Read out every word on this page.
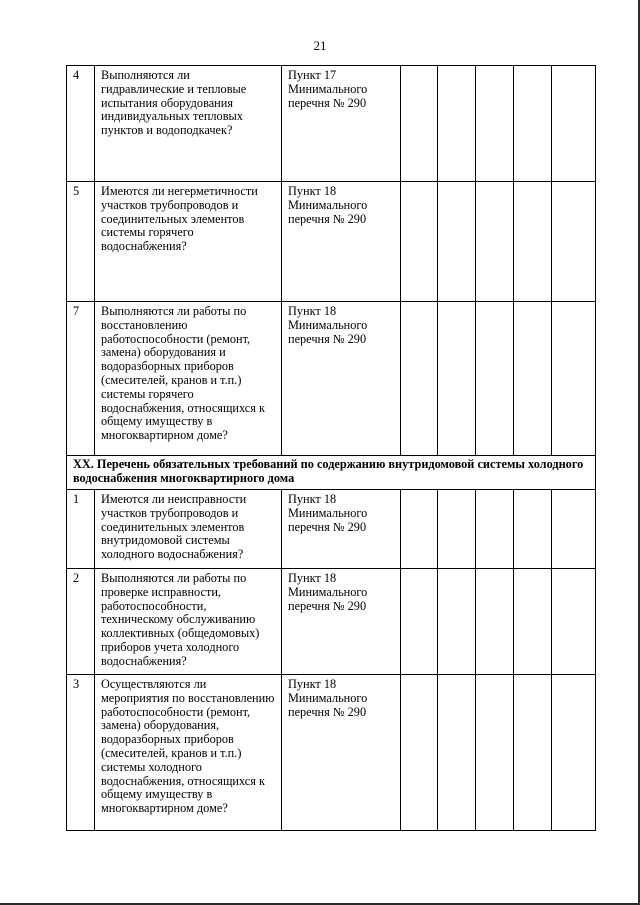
21
4	Выполняются ли гидравлические и тепловые испытания оборудования индивидуальных тепловых пунктов и водоподкачек?	Пункт 17 Минимального перечня № 290					
5	Имеются ли негерметичности участков трубопроводов и соединительных элементов системы горячего водоснабжения?	Пункт 18 Минимального перечня № 290					
7	Выполняются ли работы по восстановлению работоспособности (ремонт, замена) оборудования и водоразборных приборов (смесителей, кранов и т.п.) системы горячего водоснабжения, относящихся к общему имуществу в многоквартирном доме?	Пункт 18 Минимального перечня № 290					
XX. Перечень обязательных требований по содержанию внутридомовой системы холодного водоснабжения многоквартирного дома							
1	Имеются ли неисправности участков трубопроводов и соединительных элементов внутридомовой системы холодного водоснабжения?	Пункт 18 Минимального перечня № 290					
2	Выполняются ли работы по проверке исправности, работоспособности, техническому обслуживанию коллективных (общедомовых) приборов учета холодного водоснабжения?	Пункт 18 Минимального перечня № 290					
3	Осуществляются ли мероприятия по восстановлению работоспособности (ремонт, замена) оборудования, водоразборных приборов (смесителей, кранов и т.п.) системы холодного водоснабжения, относящихся к общему имуществу в многоквартирном доме?	Пункт 18 Минимального перечня № 290					
